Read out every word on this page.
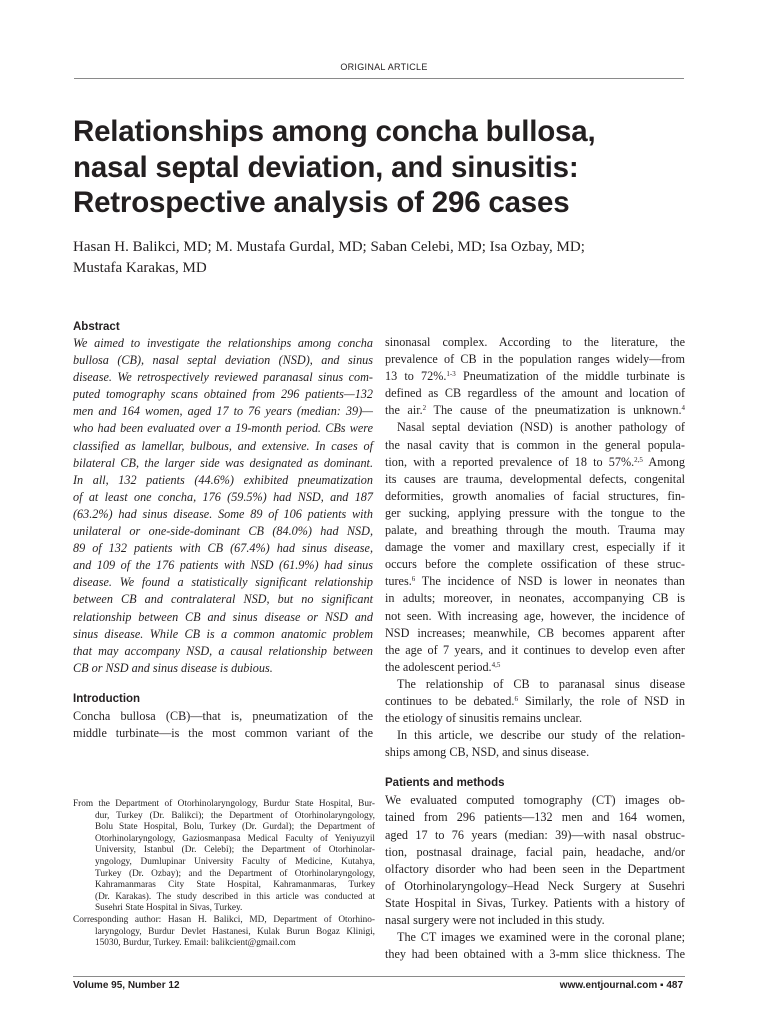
ORIGINAL ARTICLE
Relationships among concha bullosa,
nasal septal deviation, and sinusitis:
Retrospective analysis of 296 cases
Hasan H. Balikci, MD; M. Mustafa Gurdal, MD; Saban Celebi, MD; Isa Ozbay, MD;
Mustafa Karakas, MD
Abstract
We aimed to investigate the relationships among concha
bullosa (CB), nasal septal deviation (NSD), and sinus
disease. We retrospectively reviewed paranasal sinus com-
puted tomography scans obtained from 296 patients—132
men and 164 women, aged 17 to 76 years (median: 39)—
who had been evaluated over a 19-month period. CBs were
classified as lamellar, bulbous, and extensive. In cases of
bilateral CB, the larger side was designated as dominant.
In all, 132 patients (44.6%) exhibited pneumatization
of at least one concha, 176 (59.5%) had NSD, and 187
(63.2%) had sinus disease. Some 89 of 106 patients with
unilateral or one-side-dominant CB (84.0%) had NSD,
89 of 132 patients with CB (67.4%) had sinus disease,
and 109 of the 176 patients with NSD (61.9%) had sinus
disease. We found a statistically significant relationship
between CB and contralateral NSD, but no significant
relationship between CB and sinus disease or NSD and
sinus disease. While CB is a common anatomic problem
that may accompany NSD, a causal relationship between
CB or NSD and sinus disease is dubious.
Introduction
Concha bullosa (CB)—that is, pneumatization of the
middle turbinate—is the most common variant of the
From the Department of Otorhinolaryngology, Burdur State Hospital, Bur-
dur, Turkey (Dr. Balikci); the Department of Otorhinolaryngology,
Bolu State Hospital, Bolu, Turkey (Dr. Gurdal); the Department of
Otorhinolaryngology, Gaziosmanpasa Medical Faculty of Yeniyuzyil
University, Istanbul (Dr. Celebi); the Department of Otorhinolar-
yngology, Dumlupinar University Faculty of Medicine, Kutahya,
Turkey (Dr. Ozbay); and the Department of Otorhinolaryngology,
Kahramanmaras City State Hospital, Kahramanmaras, Turkey
(Dr. Karakas). The study described in this article was conducted at
Susehri State Hospital in Sivas, Turkey.
Corresponding author: Hasan H. Balikci, MD, Department of Otorhino-
laryngology, Burdur Devlet Hastanesi, Kulak Burun Bogaz Klinigi,
15030, Burdur, Turkey. Email: balikcient@gmail.com
sinonasal complex. According to the literature, the
prevalence of CB in the population ranges widely—from
13 to 72%.$^{1-3}$ Pneumatization of the middle turbinate is
defined as CB regardless of the amount and location of
the air.$^2$ The cause of the pneumatization is unknown.$^4$
Nasal septal deviation (NSD) is another pathology of
the nasal cavity that is common in the general popula-
tion, with a reported prevalence of 18 to 57%.$^{2,5}$ Among
its causes are trauma, developmental defects, congenital
deformities, growth anomalies of facial structures, fin-
ger sucking, applying pressure with the tongue to the
palate, and breathing through the mouth. Trauma may
damage the vomer and maxillary crest, especially if it
occurs before the complete ossification of these struc-
tures.$^6$ The incidence of NSD is lower in neonates than
in adults; moreover, in neonates, accompanying CB is
not seen. With increasing age, however, the incidence of
NSD increases; meanwhile, CB becomes apparent after
the age of 7 years, and it continues to develop even after
the adolescent period.$^{4,5}$
The relationship of CB to paranasal sinus disease
continues to be debated.$^6$ Similarly, the role of NSD in
the etiology of sinusitis remains unclear.
In this article, we describe our study of the relation-
ships among CB, NSD, and sinus disease.
Patients and methods
We evaluated computed tomography (CT) images ob-
tained from 296 patients—132 men and 164 women,
aged 17 to 76 years (median: 39)—with nasal obstruc-
tion, postnasal drainage, facial pain, headache, and/or
olfactory disorder who had been seen in the Department
of Otorhinolaryngology–Head Neck Surgery at Susehri
State Hospital in Sivas, Turkey. Patients with a history of
nasal surgery were not included in this study.
The CT images we examined were in the coronal plane;
they had been obtained with a 3-mm slice thickness. The
Volume 95, Number 12	www.entjournal.com ▪ 487
